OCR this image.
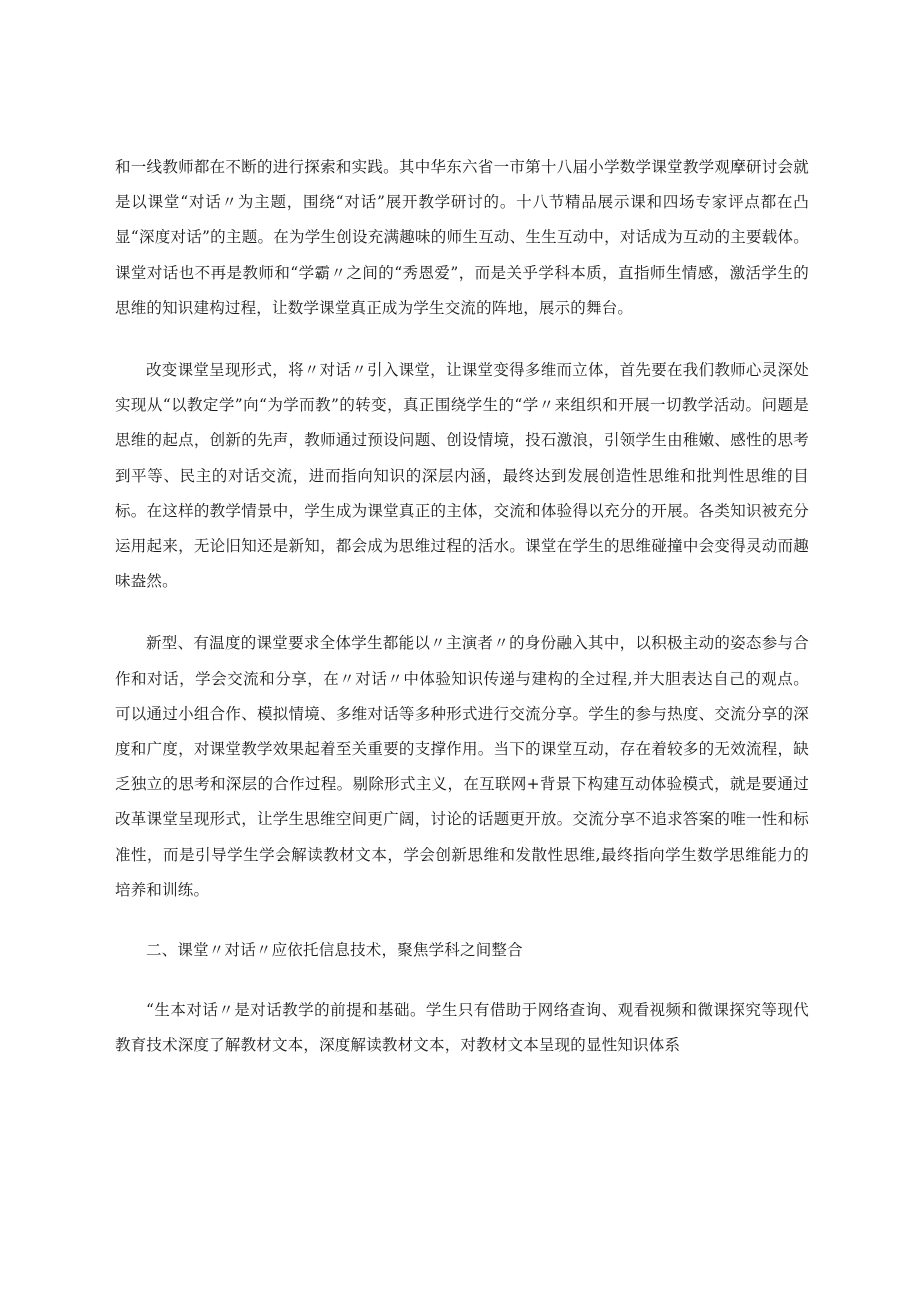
和一线教师都在不断的进行探索和实践。其中华东六省一市第十八届小学数学课堂教学观摩研讨会就是以课堂“对话〃为主题，围绕“对话”展开教学研讨的。十八节精品展示课和四场专家评点都在凸显“深度对话”的主题。在为学生创设充满趣味的师生互动、生生互动中，对话成为互动的主要载体。课堂对话也不再是教师和“学霸〃之间的“秀恩爱”，而是关乎学科本质，直指师生情感，激活学生的思维的知识建构过程，让数学课堂真正成为学生交流的阵地，展示的舞台。

改变课堂呈现形式，将〃对话〃引入课堂，让课堂变得多维而立体，首先要在我们教师心灵深处实现从“以教定学”向“为学而教”的转变，真正围绕学生的“学〃来组织和开展一切教学活动。问题是思维的起点，创新的先声，教师通过预设问题、创设情境，投石激浪，引领学生由稚嫩、感性的思考到平等、民主的对话交流，进而指向知识的深层内涵，最终达到发展创造性思维和批判性思维的目标。在这样的教学情景中，学生成为课堂真正的主体，交流和体验得以充分的开展。各类知识被充分运用起来，无论旧知还是新知，都会成为思维过程的活水。课堂在学生的思维碰撞中会变得灵动而趣味盎然。

新型、有温度的课堂要求全体学生都能以〃主演者〃的身份融入其中，以积极主动的姿态参与合作和对话，学会交流和分享，在〃对话〃中体验知识传递与建构的全过程,并大胆表达自己的观点。可以通过小组合作、模拟情境、多维对话等多种形式进行交流分享。学生的参与热度、交流分享的深度和广度，对课堂教学效果起着至关重要的支撑作用。当下的课堂互动，存在着较多的无效流程，缺乏独立的思考和深层的合作过程。剔除形式主义，在互联网+背景下构建互动体验模式，就是要通过改革课堂呈现形式，让学生思维空间更广阔，讨论的话题更开放。交流分享不追求答案的唯一性和标准性，而是引导学生学会解读教材文本，学会创新思维和发散性思维,最终指向学生数学思维能力的培养和训练。

二、课堂〃对话〃应依托信息技术，聚焦学科之间整合

“生本对话〃是对话教学的前提和基础。学生只有借助于网络查询、观看视频和微课探究等现代教育技术深度了解教材文本，深度解读教材文本，对教材文本呈现的显性知识体系
